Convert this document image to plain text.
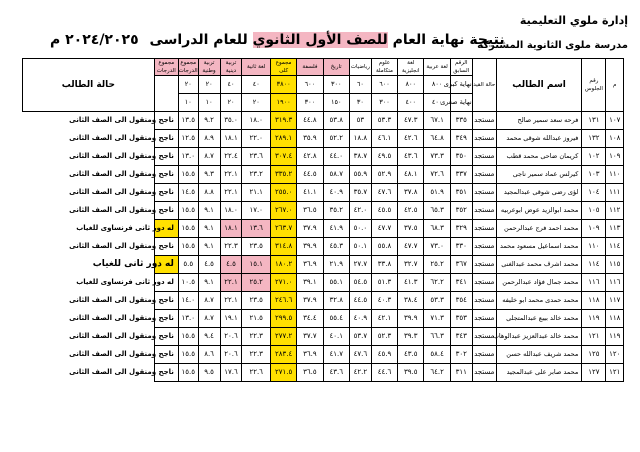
إدارة ملوي التعليمية
مدرسة ملوى الثانوية المشتركة
نتيجة نهاية العام للصف الأول الثانوي للعام الدراسى ٢٠٢٤/٢٠٢٥ م
م	رقم الجلوس	اسم الطالب	حالة القيد	الرقم السابق	لغة عربية	لغة انجليزية	علوم متكاملة	رياضيات	تاريخ	فلسفة	مجموع كلى	لغة ثانية	تربية دينية	تربية وطنية	مجموع الدرجات	مجموع الدرجات	حالة الطالب
				نهاية كبرى	٨٠٠	٨٠٠	٦٠٠	٦٠	٣٠٠	٦٠٠	٣٨٠٠	٤٠	٤٠	٢٠	٢٠		
				نهاية صغرى	٤٠٠	٤٠٠	٣٠٠	٣٠	١٥٠	٣٠٠	١٩٠٠	٢٠	٢٠	١٠	١٠		
١٠٧	١٣١	فرحه سعد سمير صالح	مستجد	٣٣٥	٦٧.١	٤٧.٣	٥٣.٣	٥٣	٥٣.٨	٤٤.٨	٣١٩.٣	١٨.٠	٣٥.٠	٩.٢	١٣.٥	ناجح ومنقول الى الصف الثانى	
١٠٨	١٣٢	فيروز عبدالله شوقى محمد	مستجد	٣٤٩	٦٤.٨	٤٢.٦	٤٦.١	١٨.٨	٥٢.٢	٣٥.٩	٢٨٩.١	٢٢.٠	١٨.١	٨.٩	١٢.٥	ناجح ومنقول الى الصف الثانى	
١٠٩	١٠٢	كريمان ضاحى محمد قطب	مستجد	٣٥٠	٧٣.٣	٤٣.٦	٤٩.٥	٣٨.٧	٤٤.٠	٤٢.٨	٣٠٧.٤	٢٣.٦	٢٢.٤	٨.٧	١٣.٠	ناجح ومنقول الى الصف الثانى	
١١٠	١٠٣	كيرلس عماد سمير ناجى	مستجد	٣٣٧	٧٢.٦	٤٨.١	٥٢.٩	٥٥.٩	٥٨.٧	٤٤.٥	٣٣٥.٢	٢٣.٢	٢٢.١	٩.٣	١٥.٥	ناجح ومنقول الى الصف الثانى	
١١١	١٠٤	لؤى رضى شوقى عبدالمجيد	مستجد	٣٥١	٥١.٩	٣٧.٨	٤٧.٦	٣٥.٧	٤٠.٩	٤١.١	٢٥٥.٠	٢١.١	٢٢.١	٨.٨	١٤.٥	ناجح ومنقول الى الصف الثانى	
١١٢	١٠٥	محمد ابوالزيد عوض ابوعربيه	مستجد	٣٥٢	٦٥.٣	٤٢.٥	٤٥.٥	٤٢.٠	٣٥.٢	٣٦.٥	٢٦٧.٠	١٧.٠	١٨.٠	٩.١	١٥.٥	ناجح ومنقول الى الصف الثانى	
١١٣	١٠٩	محمد احمد فرج عبدالرحمن	مستجد	٣٢٩	٦٨.٣	٣٧.٥	٤٧.٧	٥٠.٠	٤١.٩	٣٧.٩	٢٦٣.٧	١٣.٦	١٨.١	٩.١	١٥.٥	له دور ثانى فرنساوى للغياب	
١١٤	١١٠	محمد اسماعيل مسعود محمد	مستجد	٣٣٠	٧٣.٠	٤٧.٧	٥٥.٨	٥٠.١	٤٥.٣	٣٩.٩	٣١٤.٨	٢٣.٥	٢٢.٣	٩.١	١٥.٥	ناجح ومنقول الى الصف الثانى	
١١٥	١١٤	محمد اشرف محمد عبدالغنى	مستجد	٣٦٧	٢٥.٢	٣٢.٧	٣٣.٨	٢٧.٧	٢١.٩	٣٦.٩	١٨٠.٢	١٥.١	٤.٥	٤.٥	٥.٥	له دور ثانى للغياب	
١١٦	١١٦	محمد جمال فؤاد عبدالرحمن	مستجد	٣٤١	٦٢.٢	٤١.٣	٥١.٣	٥٤.٥	٥٥.١	٣٩.١	٢٧١.٠	٢٥.٢	٢٢.١	٩.١	١٠.٥	له دور ثانى فرنساوى للغياب	
١١٧	١١٨	محمد حمدى محمد ابو خليفه	مستجد	٣٥٤	٥٣.٣	٣٨.٤	٤٠.٣	٤٤.٥	٣٢.٨	٣٧.٩	٢٤٦.٦	٢٣.٥	٢٢.١	٨.٧	١٤.٠	ناجح ومنقول الى الصف الثانى	
١١٨	١١٩	محمد خالد بيبع عبدالمتجلى	مستجد	٣٥٣	٧١.٣	٣٩.٩	٤٢.١	٤٠.٩	٥٥.٤	٣٤.٤	٢٩٩.٥	٢١.٥	١٩.١	٨.٧	١٣.٠	ناجح ومنقول الى الصف الثانى	
١١٩	١٢١	محمد خالد عبدالعزيز عبدالوهاب	مستجد	٣٤٣	٦٦.٣	٣٩.٣	٥٢.٣	٥٣.٧	٤٠.١	٣٧.٧	٢٧٧.٢	٢٢.٣	٢٠.٦	٩.٤	١٥.٥	ناجح ومنقول الى الصف الثانى	
١٢٠	١٢٥	محمد شريف عبدالله حسن	مستجد	٣٠٢	٥٨.٤	٤٣.٥	٤٥.٩	٤٧.٦	٤١.٧	٣٦.٩	٢٨٣.٤	٢٢.٣	٢٠.٦	٨.٦	١٥.٥	ناجح ومنقول الى الصف الثانى	
١٢١	١٢٧	محمد صابر على عبدالمجيد	مستجد	٣١١	٦٤.٢	٣٩.٥	٤٤.٦	٤٢.٢	٤٣.٦	٣٦.٥	٢٧١.٥	٢٢.٦	١٧.٦	٩.٥	١٥.٥	ناجح ومنقول الى الصف الثانى	
